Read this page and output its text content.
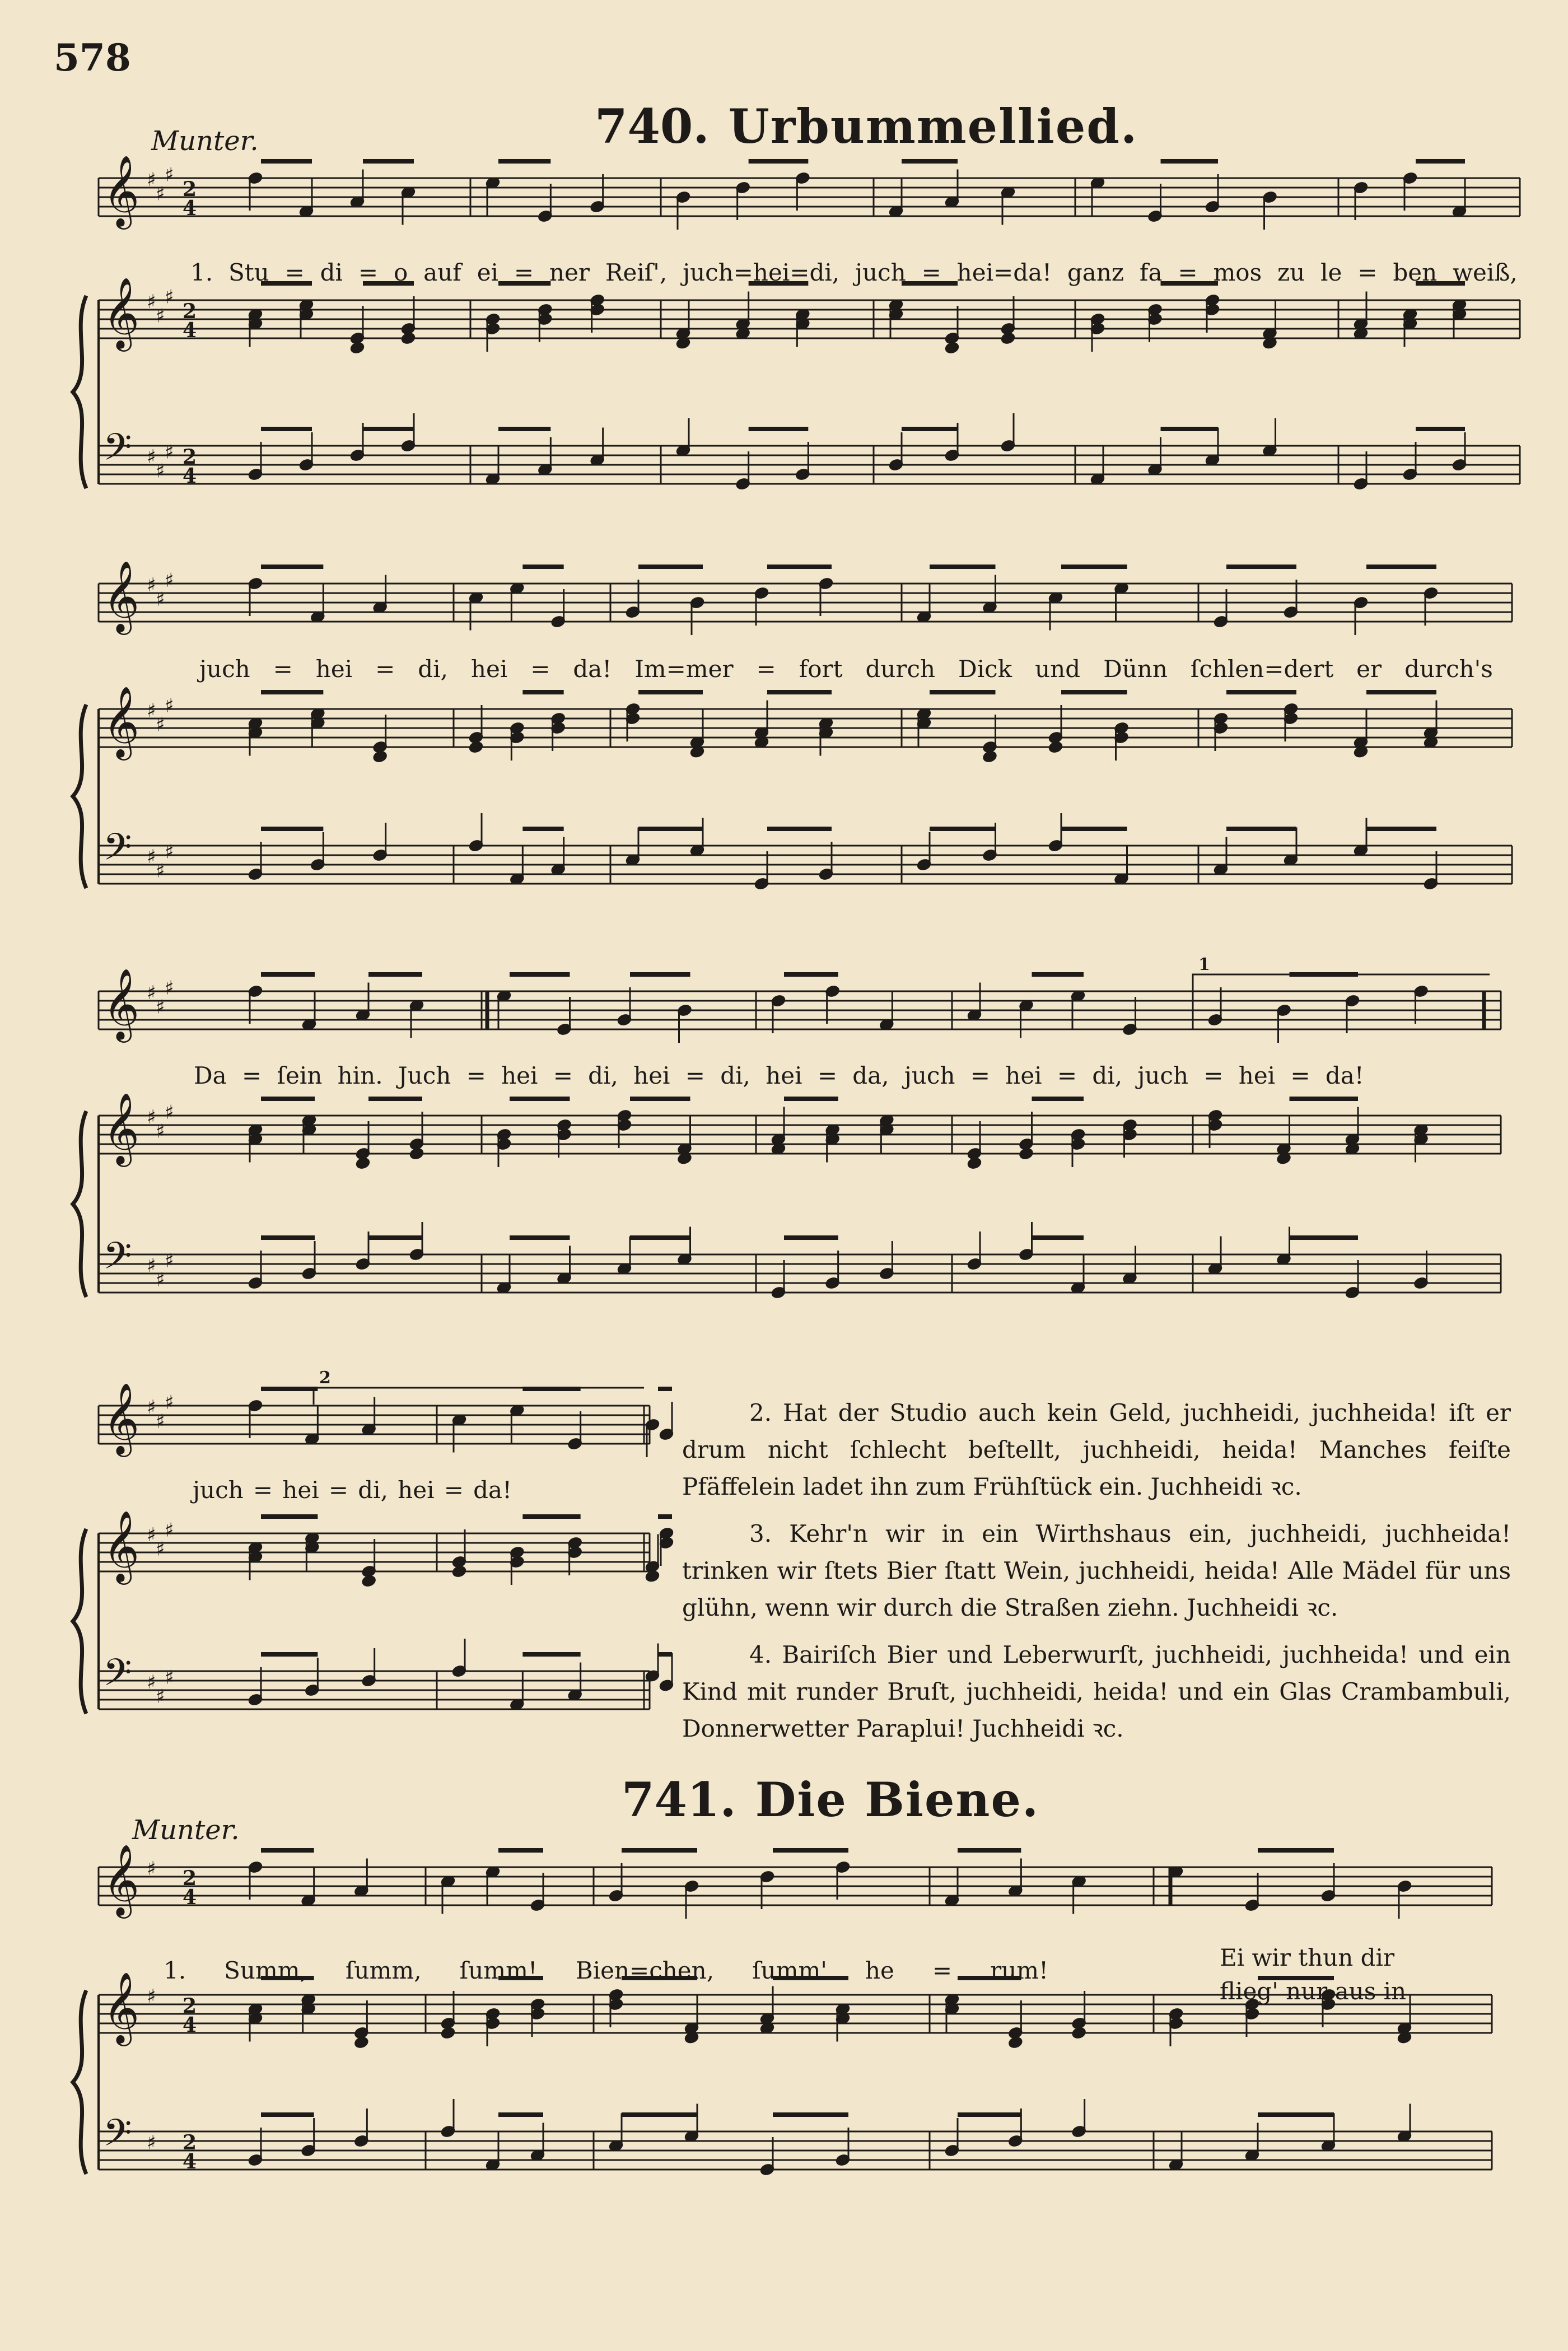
578
Munter.	740. Urbummellied.
Munter.
741. Die Biene.
𝄞 ♯
♯
♯
2
4
𝄞 ♯
♯
♯
2
4
𝄢 ♯
♯
♯ 2
4
𝄞 ♯
♯
♯
𝄞 ♯
♯
♯
𝄢 ♯
♯
♯
𝄞 ♯
♯
♯
𝄞 ♯
♯
♯
𝄢 ♯
♯
♯
𝄞 ♯
♯
♯
𝄞 ♯
♯
♯
𝄢 ♯
♯
♯
𝄞 ♯ 2
4
𝄞 ♯ 2
4
𝄢 ♯ 2
4
1
2
1. Stu = di = o auf ei = ner Reiſ', juch=hei=di, juch = hei=da! ganz fa = mos zu le = ben weiß,
juch = hei = di, hei = da! Im=mer = fort durch Dick und Dünn ſchlen=dert er durch's
Da = ſein hin. Juch = hei = di, hei = di, hei = da, juch = hei = di, juch = hei = da!
juch = hei = di, hei = da!

2. Hat der Studio auch kein Geld, juchheidi, juchheida! iſt er drum nicht ſchlecht beſtellt, juchheidi, heida! Manches feiſte Pfäffelein ladet ihn zum Frühſtück ein. Juchheidi ꝛc.

3. Kehr'n wir in ein Wirthshaus ein, juchheidi, juchheida! trinken wir ſtets Bier ſtatt Wein, juchheidi, heida! Alle Mädel für uns glühn, wenn wir durch die Straßen ziehn. Juchheidi ꝛc.

4. Bairiſch Bier und Leberwurſt, juchheidi, juchheida! und ein Kind mit runder Bruſt, juchheidi, heida! und ein Glas Crambambuli, Donnerwetter Paraplui! Juchheidi ꝛc.

1. Summ, ſumm, ſumm! Bien=chen, ſumm' he = rum!	Ei wir thun dir
flieg' nur aus in
